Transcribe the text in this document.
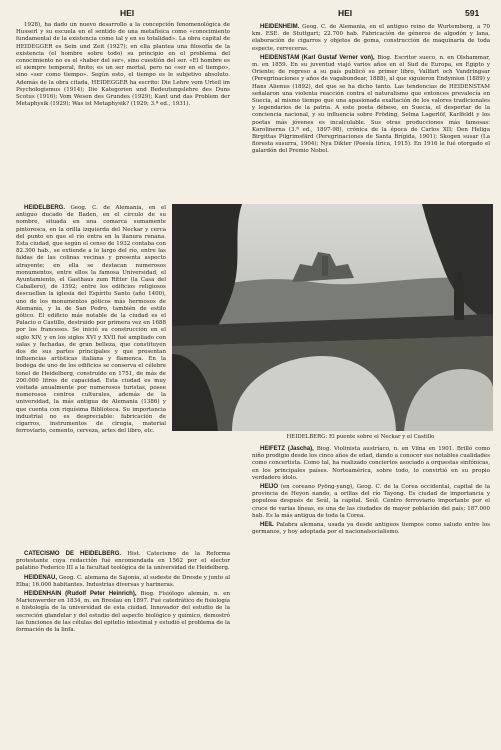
HEI	HEI	591

1928), ha dado un nuevo desarrollo a la concepción fenomenológica de Husserl y su escuela en el sentido de una metafísica como «conocimiento fundamental de la existencia como tal y en su totalidad». La obra capital de HEIDEGGER es Sein und Zeit (1927); en ella plantea una filosofía de la existencia (el hombre sobre todo) su principio en el problema del conocimiento no es el «haber del ser», sino cuestión del ser. «El hombre es el siempre temporal, finito; es un ser mortal, pero no «ser en el tiempo», sino «ser como tiempo». Según esto, el tiempo es le subjetivo absoluto. Además de la obra citada, HEIDEGGER ha escrito: Die Lehre vom Urteil im Psychologismus (1914); Die Kategorien und Bedeutungslehre des Duns Scotus (1916); Vom Wesen des Grundes (1929); Kant und das Problem der Metaphysik (1929); Was ist Metaphysik? (1929; 3.ª ed., 1931).

HEIDELBERG. Geog. C. de Alemania, en el antiguo ducado de Baden, en el círculo de su nombre, situada en una comarca sumamente pintoresca, en la orilla izquierda del Neckar y cerca del punto en que el río entra en la llanura renana. Esta ciudad, que según el censo de 1932 contaba con 82.300 hab., se extiende a lo largo del río, entre las faldas de las colinas vecinas y presenta aspecto atrayente; en ella se destacan numerosos monumentos, entre ellos la famosa Universidad, el Ayuntamiento, el Gasthaus zum Ritter (la Casa del Caballero), de 1592; entre los edificios religiosos descuellan la iglesia del Espíritu Santo (año 1400), uno de los monumentos góticos más hermosos de Alemania, y la de San Pedro, también de estilo gótico. El edificio más notable de la ciudad es el Palacio o Castillo, destruido por primera vez en 1688 por los franceses. Se inició su construcción en el siglo XIV, y en los siglos XVI y XVII fué ampliado con salas y fachadas, de gran belleza, que constituyen dos de sus partes principales y que presentan influencias artísticas italiana y flamenca. En la bodega de uno de los edificios se conserva el célebre tonel de Heidelberg, construido en 1751, de más de 200.000 litros de capacidad. Esta ciudad es muy visitada anualmente por numerosos turistas, posee numerosos centros culturales, además de la universidad, la más antigua de Alemania (1386) y que cuenta con riquísima Biblioteca. Su importancia industrial no es despreciable: fabricación de cigarros, instrumentos de cirugía, material ferroviario, cemento, cerveza, artes del libro, etc.

CATECISMO DE HEIDELBERG. Hist. Catecismo de la Reforma protestante cuya redacción fué encomendada en 1562 por el elector palatino Federico III a la facultad teológica de la universidad de Heidelberg.

HEIDENAU, Geog. C. alemana de Sajonia, al sudeste de Dresde y junto al Elba; 16.000 habitantes. Industrias diversas y harineras.

HEIDENHAIN (Rudolf Peter Heinrich), Biog. Fisiólogo alemán, n. en Marienwerder en 1834, m. en Breslau en 1897. Fué catedrático de fisiología e histología de la universidad de esta ciudad. Innovador del estudio de la secreción glandular y del estudio del aspecto biológico y químico, demostró las funciones de las células del epitelio intestinal y estudió el problema de la formación de la linfa.

HEIDENHEIM. Geog. C. de Alemania, en el antiguo reino de Wurtemberg, a 70 km. ESE. de Stuttgart; 22.700 hab. Fabricación de géneros de algodón y lana, elaboración de cigarros y objetos de goma, construcción de maquinaria de toda especie, cerveceras.

HEIDENSTAM (Karl Gustaf Verner von), Biog. Escritor sueco, n. en Olshammar, m. en 1859. En su juventud viajó varios años en el Sud de Europa, en Egipto y Oriente; de regreso a su país publicó su primer libro, Vallfart och Vandringsar (Peregrinaciones y años de vagabundear, 1888), al que siguieron Endymion (1889) y Hans Alienus (1892), del que se ha dicho tanto. Las tendencias de HEIDENSTAM señalaron una violenta reacción contra el naturalismo que entonces prevalecía en Suecia, al mismo tiempo que una apasionada exaltación de los valores tradicionales y legendarios de la patria. A este poeta débese, en Suecia, el despertar de la conciencia nacional, y su influencia sobre Fröding, Selma Lagerlöf, Karlfeldt y los poetas más jóvenes es incalculable. Sus otras producciones más famosas: Karolinerna (3.ª ed., 1897-98), crónica de la época de Carlos XII; Den Heliga Birgittas Pilgrimsfärd (Peregrinaciones de Santa Brígida, 1901); Skogen susar (La floresta susurra, 1904); Nya Dikter (Poesía lírica, 1915). En 1916 le fué otorgado el galardón del Premio Nobel.

HEIFETZ (Jascha), Biog. Violinista austríaco, n. en Vilna en 1901. Brilló como niño prodigio desde los cinco años de edad, dando a conocer sus notables cualidades como concertista. Como tal, ha realizado conciertos asociado a orquestas sinfónicas, en los principales países. Norteamérica, sobre todo, lo convirtió en su propio verdadero ídolo.

HEIJO (en coreano Pyöng-yang), Geog. C. de la Corea occidental, capital de la provincia de Heyon nando, a orillas del río Tayong. Es ciudad de importancia y populosa después de Seúl, la capital. Seúl. Centro ferroviario importante por el cruce de varias líneas, es una de las ciudades de mayor población del país; 187.000 hab. Es la más antigua de toda la Corea.

HEIL Palabra alemana, usada ya desde antiguos tiempos como saludo entre los germanos, y hoy adoptada por el nacionalsocialismo.

HEIDELBERG: El puente sobre el Neckar y el Castillo
